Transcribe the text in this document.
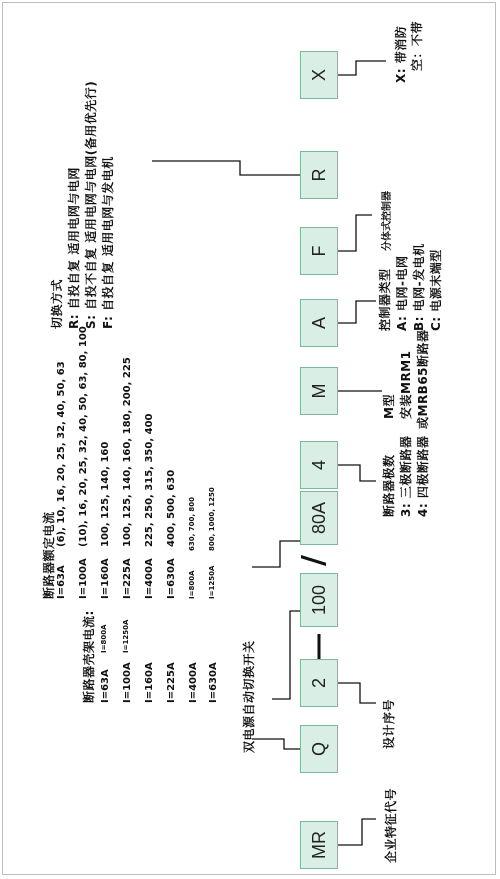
MR
Q
2
100
/
80A
4
M
A
F
R
X
企业特征代号
双电源自动切换开关	设计序号
断路器壳架电流: I=63A
I=800A
I=100A
I=1250A
I=160A I=225A I=400A I=630A
断路器额定电流 I=63A
(6), 10, 16, 20, 25, 32, 40, 50, 63
I=100A
(10), 16, 20, 25, 32, 40, 50, 63, 80, 100
I=160A
100, 125, 140, 160
I=225A
100, 125, 140, 160, 180, 200, 225
I=400A
225, 250, 315, 350, 400
I=630A
400, 500, 630
I=800A
630, 700, 800
I=1250A
800, 1000, 1250
断路器极数 3: 三极断路器 4: 四极断路器
M型 安装MRM1 或MRB65断路器
控制器类型 A: 电网-电网 B: 电网-发电机 C: 电源末端型
分体式控制器
X: 带消防 空：不带
切换方式 R: 自投自复 适用电网与电网 S: 自投不自复 适用电网与电网(备用优先行) F: 自投自复 适用电网与发电机
